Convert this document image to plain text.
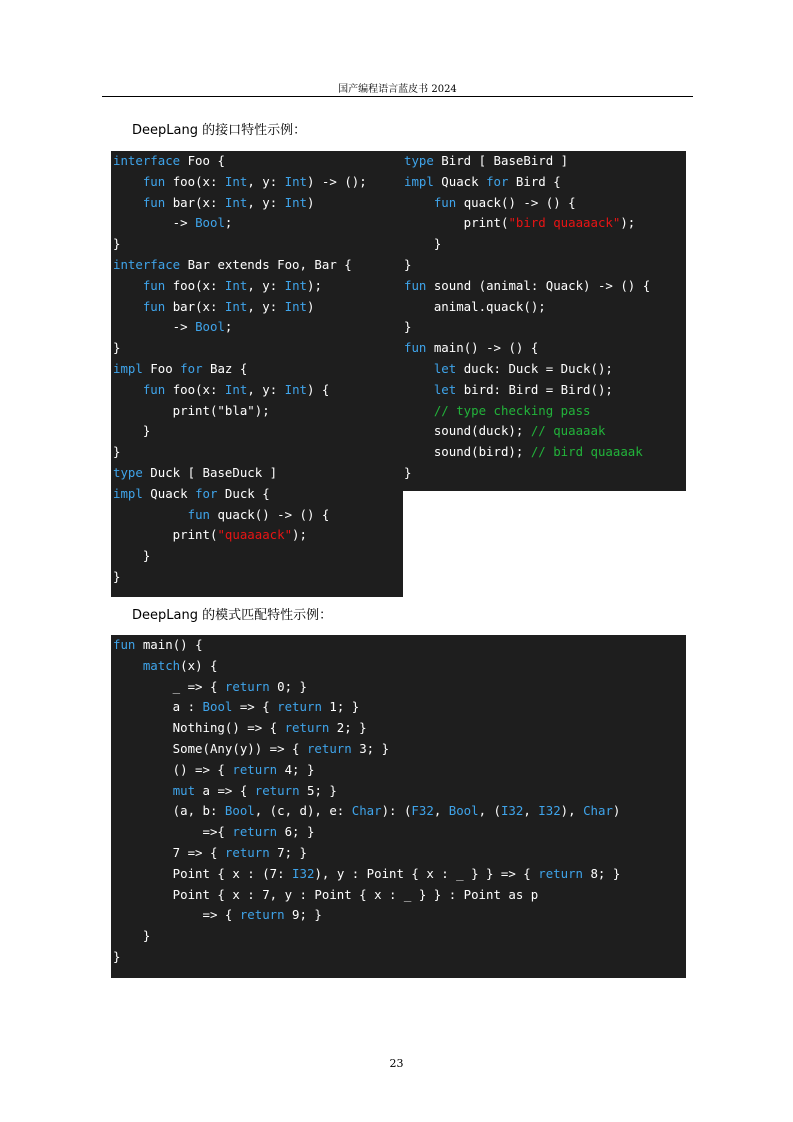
国产编程语言蓝皮书 2024
DeepLang 的接口特性示例：
interface Foo {
fun foo(x: Int, y: Int) -> ();
fun bar(x: Int, y: Int)
-> Bool;
}
interface Bar extends Foo, Bar {
fun foo(x: Int, y: Int);
fun bar(x: Int, y: Int)
-> Bool;
}
impl Foo for Baz {
fun foo(x: Int, y: Int) {
print("bla");
}
}
type Duck [ BaseDuck ]
impl Quack for Duck {
fun quack() -> () {
print("quaaaack");
}
}
type Bird [ BaseBird ]
impl Quack for Bird {
fun quack() -> () {
print("bird quaaaack");
}
}
fun sound (animal: Quack) -> () {
animal.quack();
}
fun main() -> () {
let duck: Duck = Duck();
let bird: Bird = Bird();
// type checking pass
sound(duck); // quaaaak
sound(bird); // bird quaaaak
}
DeepLang 的模式匹配特性示例：
fun main() {
match(x) {
_ => { return 0; }
a : Bool => { return 1; }
Nothing() => { return 2; }
Some(Any(y)) => { return 3; }
() => { return 4; }
mut a => { return 5; }
(a, b: Bool, (c, d), e: Char): (F32, Bool, (I32, I32), Char)
=>{ return 6; }
7 => { return 7; }
Point { x : (7: I32), y : Point { x : _ } } => { return 8; }
Point { x : 7, y : Point { x : _ } } : Point as p
=> { return 9; }
}
}
23
